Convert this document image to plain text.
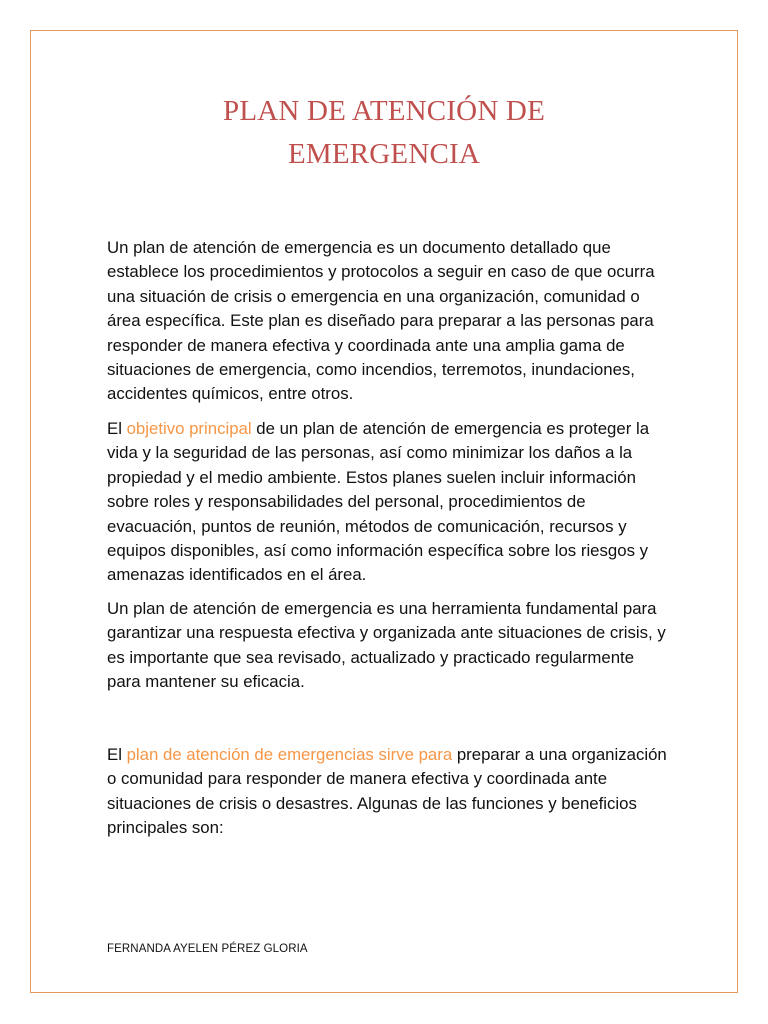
PLAN DE ATENCIÓN DE
EMERGENCIA

Un plan de atención de emergencia es un documento detallado que establece los procedimientos y protocolos a seguir en caso de que ocurra una situación de crisis o emergencia en una organización, comunidad o área específica. Este plan es diseñado para preparar a las personas para responder de manera efectiva y coordinada ante una amplia gama de situaciones de emergencia, como incendios, terremotos, inundaciones, accidentes químicos, entre otros.

El objetivo principal de un plan de atención de emergencia es proteger la vida y la seguridad de las personas, así como minimizar los daños a la propiedad y el medio ambiente. Estos planes suelen incluir información sobre roles y responsabilidades del personal, procedimientos de evacuación, puntos de reunión, métodos de comunicación, recursos y equipos disponibles, así como información específica sobre los riesgos y amenazas identificados en el área.

Un plan de atención de emergencia es una herramienta fundamental para garantizar una respuesta efectiva y organizada ante situaciones de crisis, y es importante que sea revisado, actualizado y practicado regularmente para mantener su eficacia.

El plan de atención de emergencias sirve para preparar a una organización o comunidad para responder de manera efectiva y coordinada ante situaciones de crisis o desastres. Algunas de las funciones y beneficios principales son:

FERNANDA AYELEN PÉREZ GLORIA
